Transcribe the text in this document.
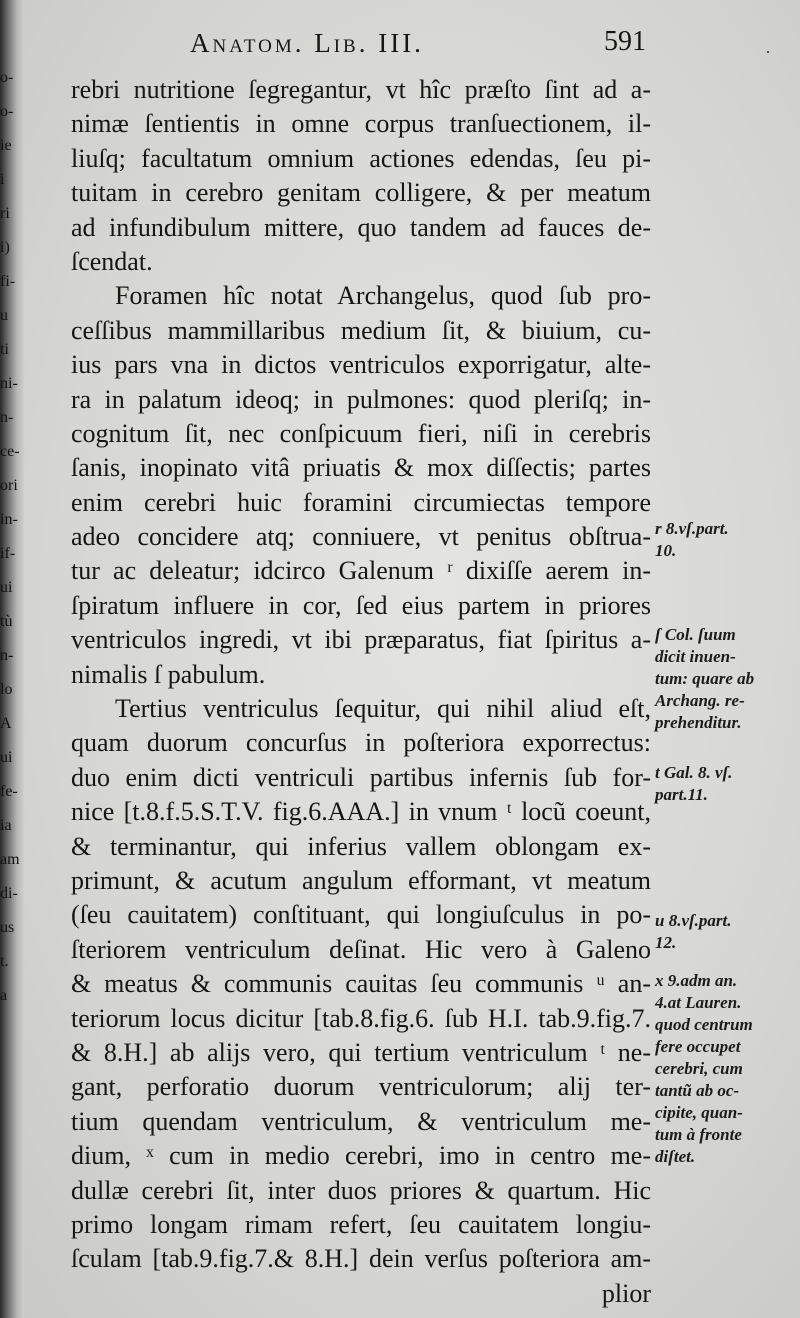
o-
o-
ie
i
ri
i)
fi-
u
ti
ni-
n-
ce-
ori
in-
if-
ui
tù
n-
lo
A
ui
fe-
ia
am
di-
us
t.
a
Anatom. Lib. III.	591	.
rebri nutritione ſegregantur, vt hîc præſto ſint ad a-
nimæ ſentientis in omne corpus tranſuectionem, il-
liuſq; facultatum omnium actiones edendas, ſeu pi-
tuitam in cerebro genitam colligere, & per meatum
ad infundibulum mittere, quo tandem ad fauces de-
ſcendat.
Foramen hîc notat Archangelus, quod ſub pro-
ceſſibus mammillaribus medium ſit, & biuium, cu-
ius pars vna in dictos ventriculos exporrigatur, alte-
ra in palatum ideoq; in pulmones: quod pleriſq; in-
cognitum ſit, nec conſpicuum fieri, niſi in cerebris
ſanis, inopinato vitâ priuatis & mox diſſectis; partes
enim cerebri huic foramini circumiectas tempore
adeo concidere atq; conniuere, vt penitus obſtrua-
tur ac deleatur; idcirco Galenum ʳ dixiſſe aerem in-
ſpiratum influere in cor, ſed eius partem in priores
ventriculos ingredi, vt ibi præparatus, fiat ſpiritus a-
nimalis ſ pabulum.
Tertius ventriculus ſequitur, qui nihil aliud eſt,
quam duorum concurſus in poſteriora exporrectus:
duo enim dicti ventriculi partibus infernis ſub for-
nice [t.8.f.5.S.T.V. fig.6.AAA.] in vnum ᵗ locũ coeunt,
& terminantur, qui inferius vallem oblongam ex-
primunt, & acutum angulum efformant, vt meatum
(ſeu cauitatem) conſtituant, qui longiuſculus in po-
ſteriorem ventriculum deſinat. Hic vero à Galeno
& meatus & communis cauitas ſeu communis ᵘ an-
teriorum locus dicitur [tab.8.fig.6. ſub H.I. tab.9.fig.7.
& 8.H.] ab alijs vero, qui tertium ventriculum ᵗ ne-
gant, perforatio duorum ventriculorum; alij ter-
tium quendam ventriculum, & ventriculum me-
dium, ˣ cum in medio cerebri, imo in centro me-
dullæ cerebri ſit, inter duos priores & quartum. Hic
primo longam rimam refert, ſeu cauitatem longiu-
ſculam [tab.9.fig.7.& 8.H.] dein verſus poſteriora am-
plior
r 8.vſ.part.
10.
ſ Col. ſuum
dicit inuen-
tum: quare ab
Archang. re-
prehenditur.
t Gal. 8. vſ.
part.11.
u 8.vſ.part.
12.
x 9.adm an.
4.at Lauren.
quod centrum
fere occupet
cerebri, cum
tantũ ab oc-
cipite, quan-
tum à fronte
diſtet.
